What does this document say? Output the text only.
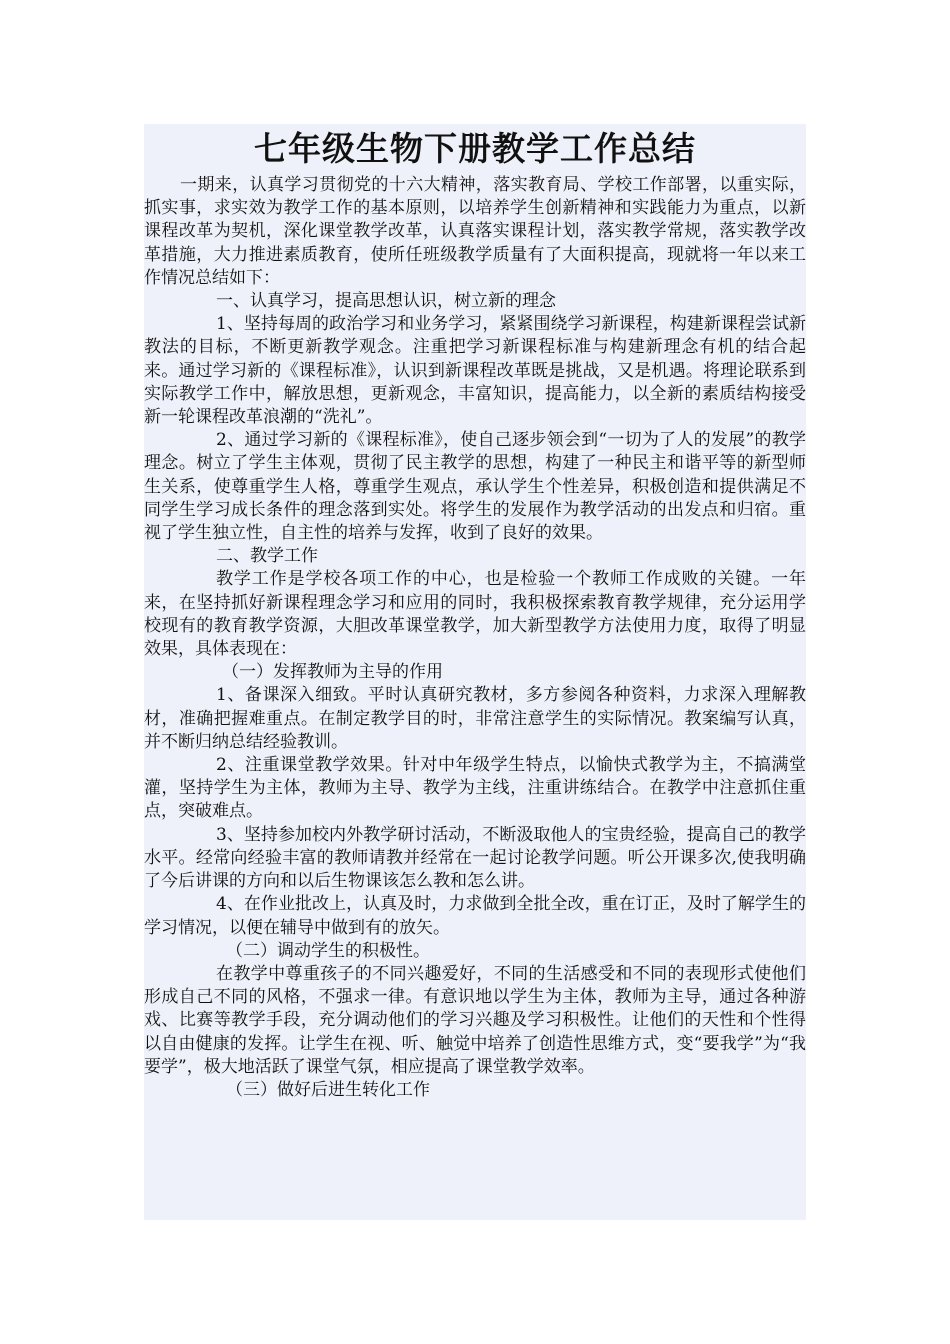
七年级生物下册教学工作总结

一期来，认真学习贯彻党的十六大精神，落实教育局、学校工作部署，以重实际，抓实事，求实效为教学工作的基本原则，以培养学生创新精神和实践能力为重点，以新课程改革为契机，深化课堂教学改革，认真落实课程计划，落实教学常规，落实教学改革措施，大力推进素质教育，使所任班级教学质量有了大面积提高，现就将一年以来工作情况总结如下：

一、认真学习，提高思想认识，树立新的理念

1、坚持每周的政治学习和业务学习，紧紧围绕学习新课程，构建新课程尝试新教法的目标，不断更新教学观念。注重把学习新课程标准与构建新理念有机的结合起来。通过学习新的《课程标准》，认识到新课程改革既是挑战，又是机遇。将理论联系到实际教学工作中，解放思想，更新观念，丰富知识，提高能力，以全新的素质结构接受新一轮课程改革浪潮的“洗礼”。

2、通过学习新的《课程标准》，使自己逐步领会到“一切为了人的发展”的教学理念。树立了学生主体观，贯彻了民主教学的思想，构建了一种民主和谐平等的新型师生关系，使尊重学生人格，尊重学生观点，承认学生个性差异，积极创造和提供满足不同学生学习成长条件的理念落到实处。将学生的发展作为教学活动的出发点和归宿。重视了学生独立性，自主性的培养与发挥，收到了良好的效果。

二、教学工作

教学工作是学校各项工作的中心，也是检验一个教师工作成败的关键。一年来，在坚持抓好新课程理念学习和应用的同时，我积极探索教育教学规律，充分运用学校现有的教育教学资源，大胆改革课堂教学，加大新型教学方法使用力度，取得了明显效果，具体表现在：

（一）发挥教师为主导的作用

1、备课深入细致。平时认真研究教材，多方参阅各种资料，力求深入理解教材，准确把握难重点。在制定教学目的时，非常注意学生的实际情况。教案编写认真，并不断归纳总结经验教训。

2、注重课堂教学效果。针对中年级学生特点，以愉快式教学为主，不搞满堂灌，坚持学生为主体，教师为主导、教学为主线，注重讲练结合。在教学中注意抓住重点，突破难点。

3、坚持参加校内外教学研讨活动，不断汲取他人的宝贵经验，提高自己的教学水平。经常向经验丰富的教师请教并经常在一起讨论教学问题。听公开课多次,使我明确了今后讲课的方向和以后生物课该怎么教和怎么讲。

4、在作业批改上，认真及时，力求做到全批全改，重在订正，及时了解学生的学习情况，以便在辅导中做到有的放矢。

（二）调动学生的积极性。

在教学中尊重孩子的不同兴趣爱好，不同的生活感受和不同的表现形式使他们形成自己不同的风格，不强求一律。有意识地以学生为主体，教师为主导，通过各种游戏、比赛等教学手段，充分调动他们的学习兴趣及学习积极性。让他们的天性和个性得以自由健康的发挥。让学生在视、听、触觉中培养了创造性思维方式，变“要我学”为“我要学”，极大地活跃了课堂气氛，相应提高了课堂教学效率。

（三）做好后进生转化工作
